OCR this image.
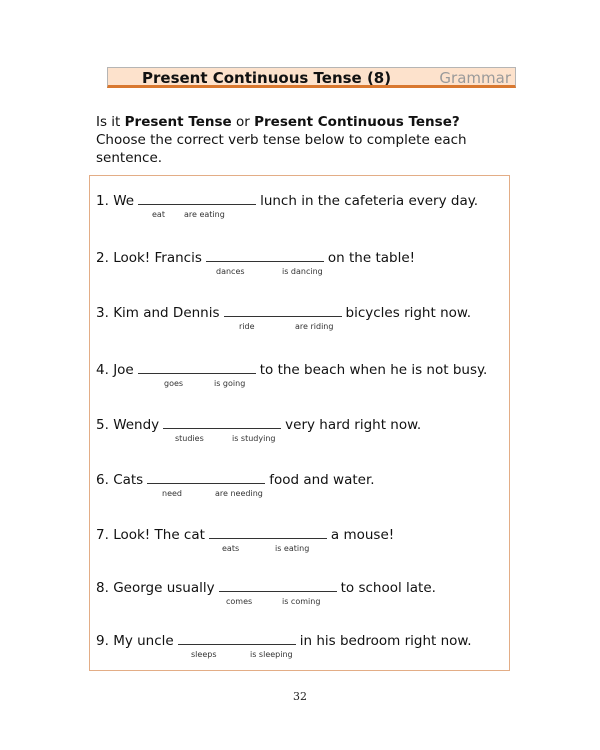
Present Continuous Tense (8)	Grammar
Is it Present Tense or Present Continuous Tense?
Choose the correct verb tense below to complete each sentence.
1. We	lunch in the cafeteria every day.
eat are eating
2. Look! Francis	on the table!
dances	is dancing
3. Kim and Dennis	bicycles right now.
ride	are riding
4. Joe	to the beach when he is not busy.
goes	is going
5. Wendy	very hard right now.
studies	is studying
6. Cats	food and water.
need	are needing
7. Look! The cat	a mouse!
eats	is eating
8. George usually	to school late.
comes	is coming
9. My uncle	in his bedroom right now.
sleeps	is sleeping
32
